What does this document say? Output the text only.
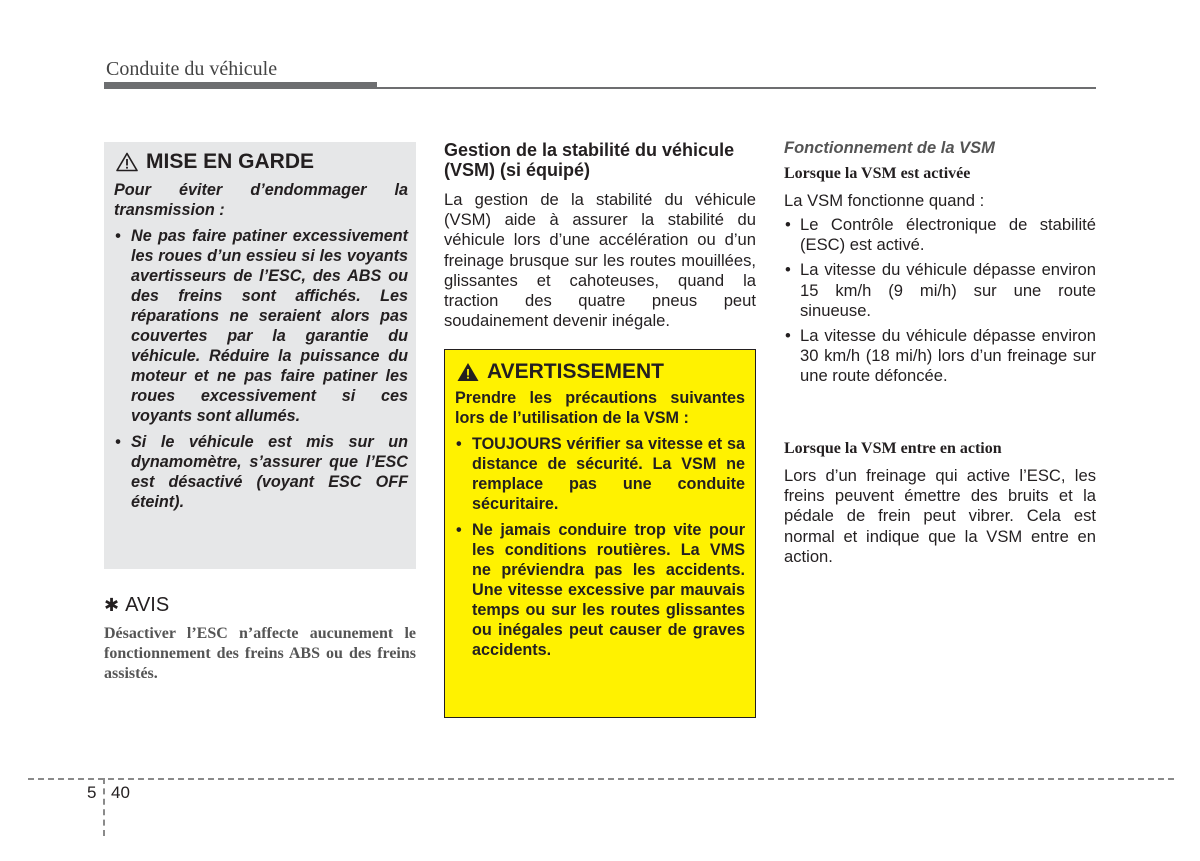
Conduite du véhicule
MISE EN GARDE

Pour éviter d’endommager la transmission :

• Ne pas faire patiner excessivement les roues d’un essieu si les voyants avertisseurs de l’ESC, des ABS ou des freins sont affichés. Les réparations ne seraient alors pas couvertes par la garantie du véhicule. Réduire la puissance du moteur et ne pas faire patiner les roues excessivement si ces voyants sont allumés.
• Si le véhicule est mis sur un dynamomètre, s’assurer que l’ESC est désactivé (voyant ESC OFF éteint).
✱ AVIS
Désactiver l’ESC n’affecte aucunement le fonctionnement des freins ABS ou des freins assistés.
Gestion de la stabilité du véhicule (VSM) (si équipé)
La gestion de la stabilité du véhicule (VSM) aide à assurer la stabilité du véhicule lors d’une accélération ou d’un freinage brusque sur les routes mouillées, glissantes et cahoteuses, quand la traction des quatre pneus peut soudainement devenir inégale.
AVERTISSEMENT

Prendre les précautions suivantes lors de l’utilisation de la VSM :

• TOUJOURS vérifier sa vitesse et sa distance de sécurité. La VSM ne remplace pas une conduite sécuritaire.
• Ne jamais conduire trop vite pour les conditions routières. La VMS ne préviendra pas les accidents. Une vitesse excessive par mauvais temps ou sur les routes glissantes ou inégales peut causer de graves accidents.
Fonctionnement de la VSM
Lorsque la VSM est activée
La VSM fonctionne quand :
• Le Contrôle électronique de stabilité (ESC) est activé.
• La vitesse du véhicule dépasse environ 15 km/h (9 mi/h) sur une route sinueuse.
• La vitesse du véhicule dépasse environ 30 km/h (18 mi/h) lors d’un freinage sur une route défoncée.
Lorsque la VSM entre en action
Lors d’un freinage qui active l’ESC, les freins peuvent émettre des bruits et la pédale de frein peut vibrer. Cela est normal et indique que la VSM entre en action.
5 40
